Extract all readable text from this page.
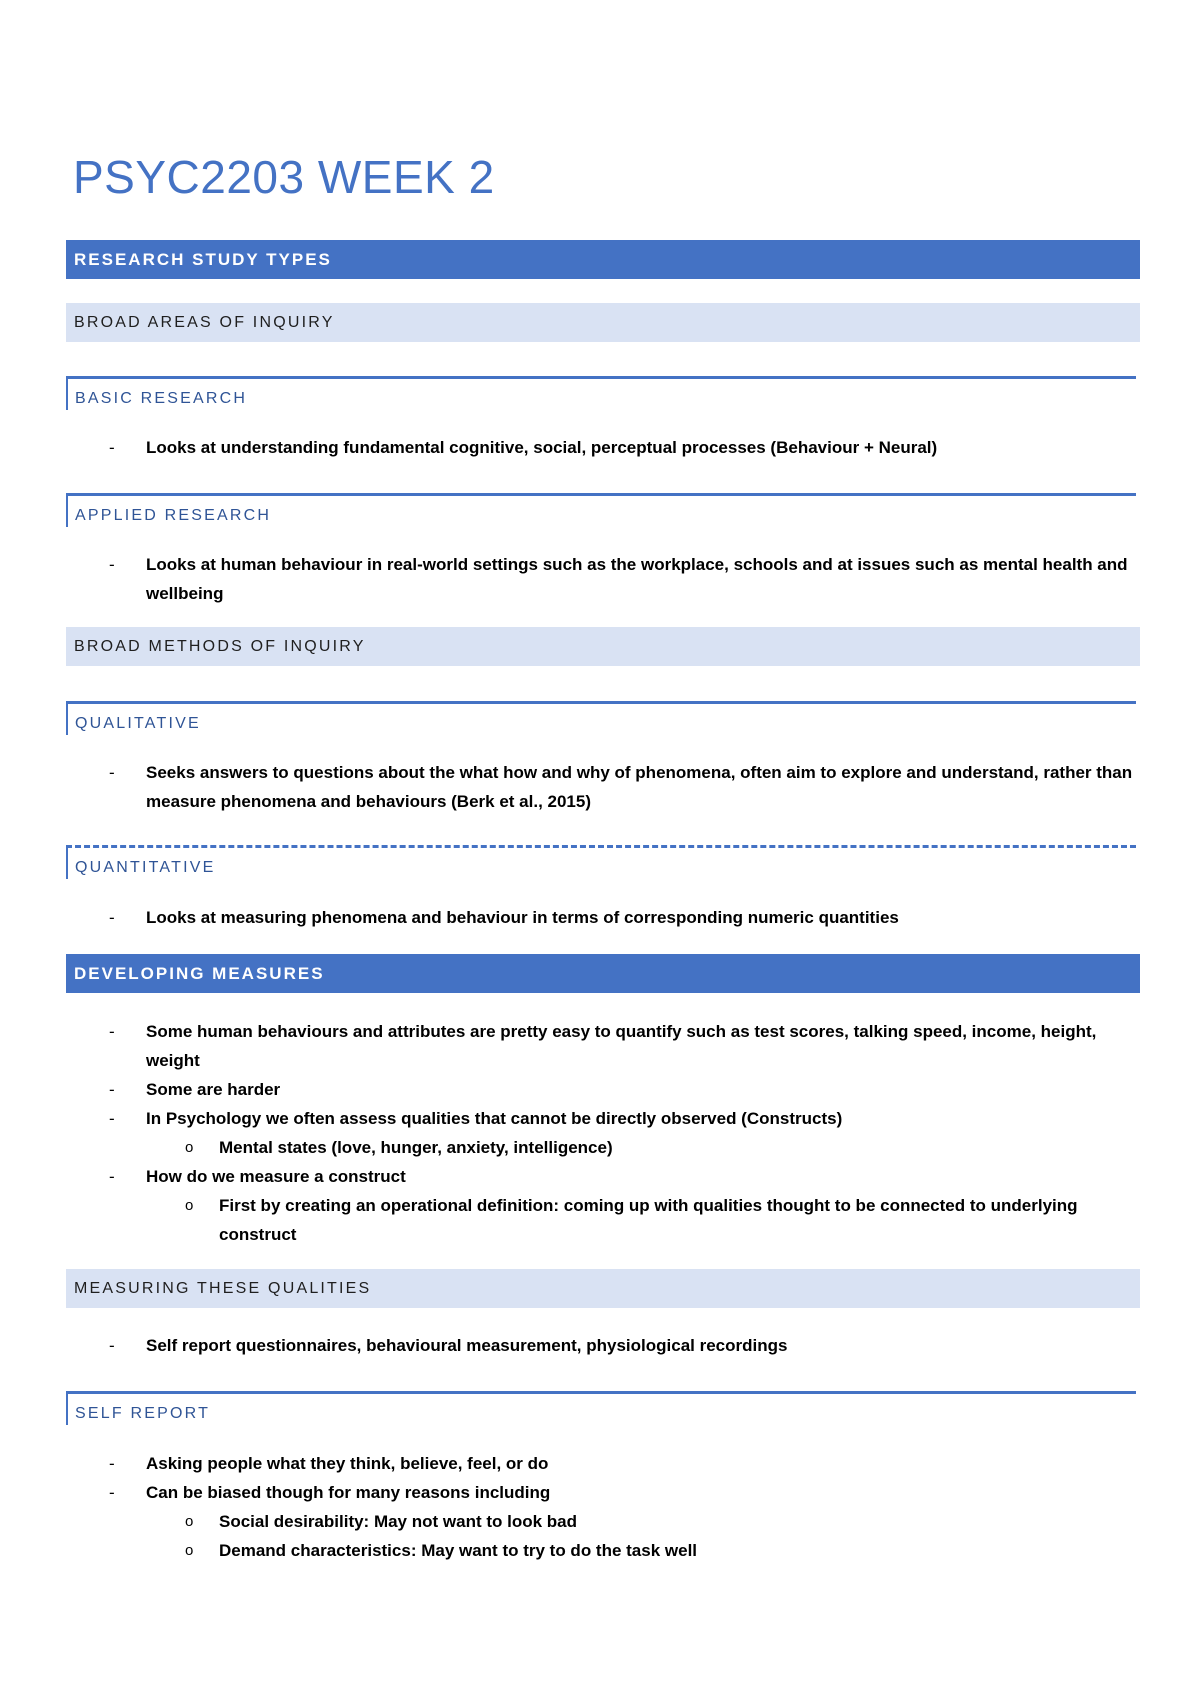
PSYC2203 WEEK 2
RESEARCH STUDY TYPES
BROAD AREAS OF INQUIRY
BASIC RESEARCH
- Looks at understanding fundamental cognitive, social, perceptual processes (Behaviour + Neural)
APPLIED RESEARCH
- Looks at human behaviour in real-world settings such as the workplace, schools and at issues such as mental health and wellbeing
BROAD METHODS OF INQUIRY
QUALITATIVE
- Seeks answers to questions about the what how and why of phenomena, often aim to explore and understand, rather than measure phenomena and behaviours (Berk et al., 2015)
QUANTITATIVE
- Looks at measuring phenomena and behaviour in terms of corresponding numeric quantities
DEVELOPING MEASURES
- Some human behaviours and attributes are pretty easy to quantify such as test scores, talking speed, income, height, weight
- Some are harder
- In Psychology we often assess qualities that cannot be directly observed (Constructs)
o Mental states (love, hunger, anxiety, intelligence)
- How do we measure a construct
o First by creating an operational definition: coming up with qualities thought to be connected to underlying construct
MEASURING THESE QUALITIES
- Self report questionnaires, behavioural measurement, physiological recordings
SELF REPORT
- Asking people what they think, believe, feel, or do
- Can be biased though for many reasons including
o Social desirability: May not want to look bad
o Demand characteristics: May want to try to do the task well
